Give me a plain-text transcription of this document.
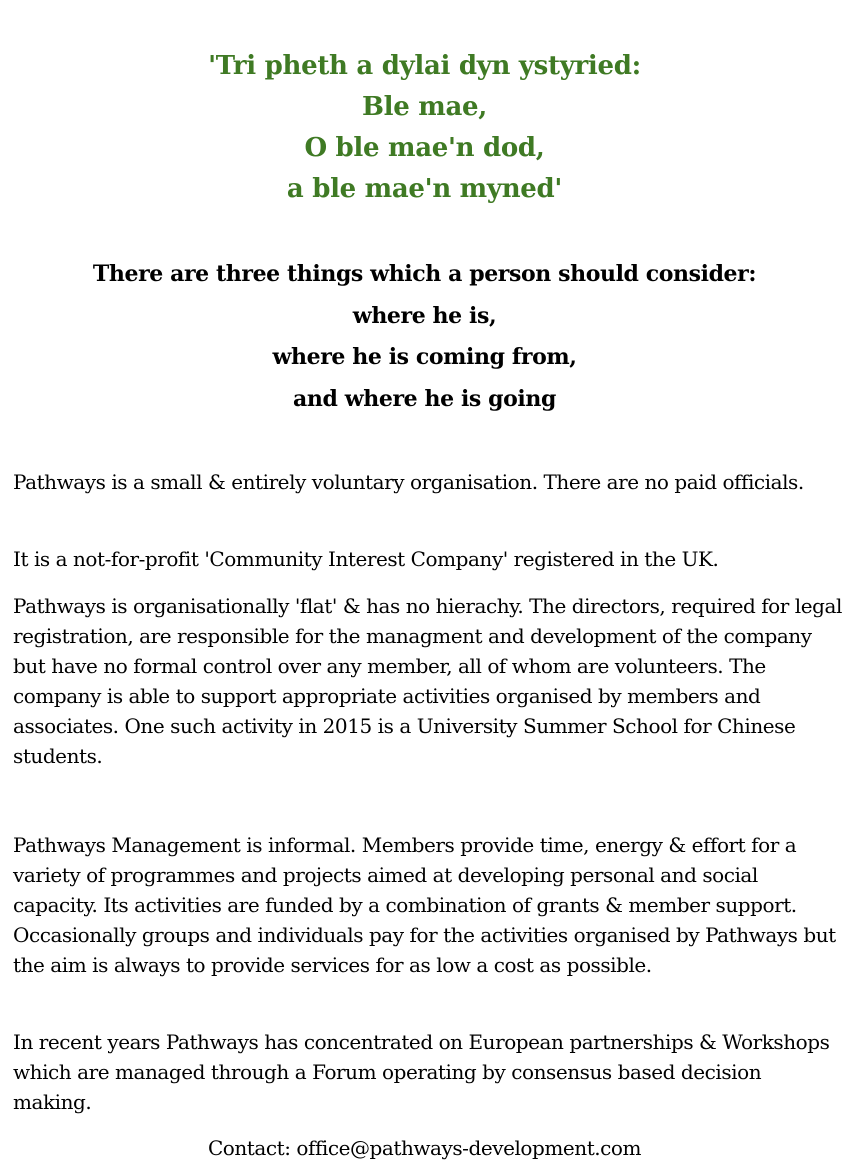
'Tri pheth a dylai dyn ystyried:
Ble mae,
O ble mae'n dod,
a ble mae'n myned'
There are three things which a person should consider:
where he is,
where he is coming from,
and where he is going

Pathways is a small & entirely voluntary organisation. There are no paid officials.

It is a not-for-profit 'Community Interest Company' registered in the UK.

Pathways is organisationally 'flat' & has no hierachy. The directors, required for legal registration, are responsible for the managment and development of the company but have no formal control over any member, all of whom are volunteers. The company is able to support appropriate activities organised by members and associates. One such activity in 2015 is a University Summer School for Chinese students.

Pathways Management is informal. Members provide time, energy & effort for a variety of programmes and projects aimed at developing personal and social capacity. Its activities are funded by a combination of grants & member support. Occasionally groups and individuals pay for the activities organised by Pathways but the aim is always to provide services for as low a cost as possible.

In recent years Pathways has concentrated on European partnerships & Workshops which are managed through a Forum operating by consensus based decision making.

Contact: office@pathways-development.com
